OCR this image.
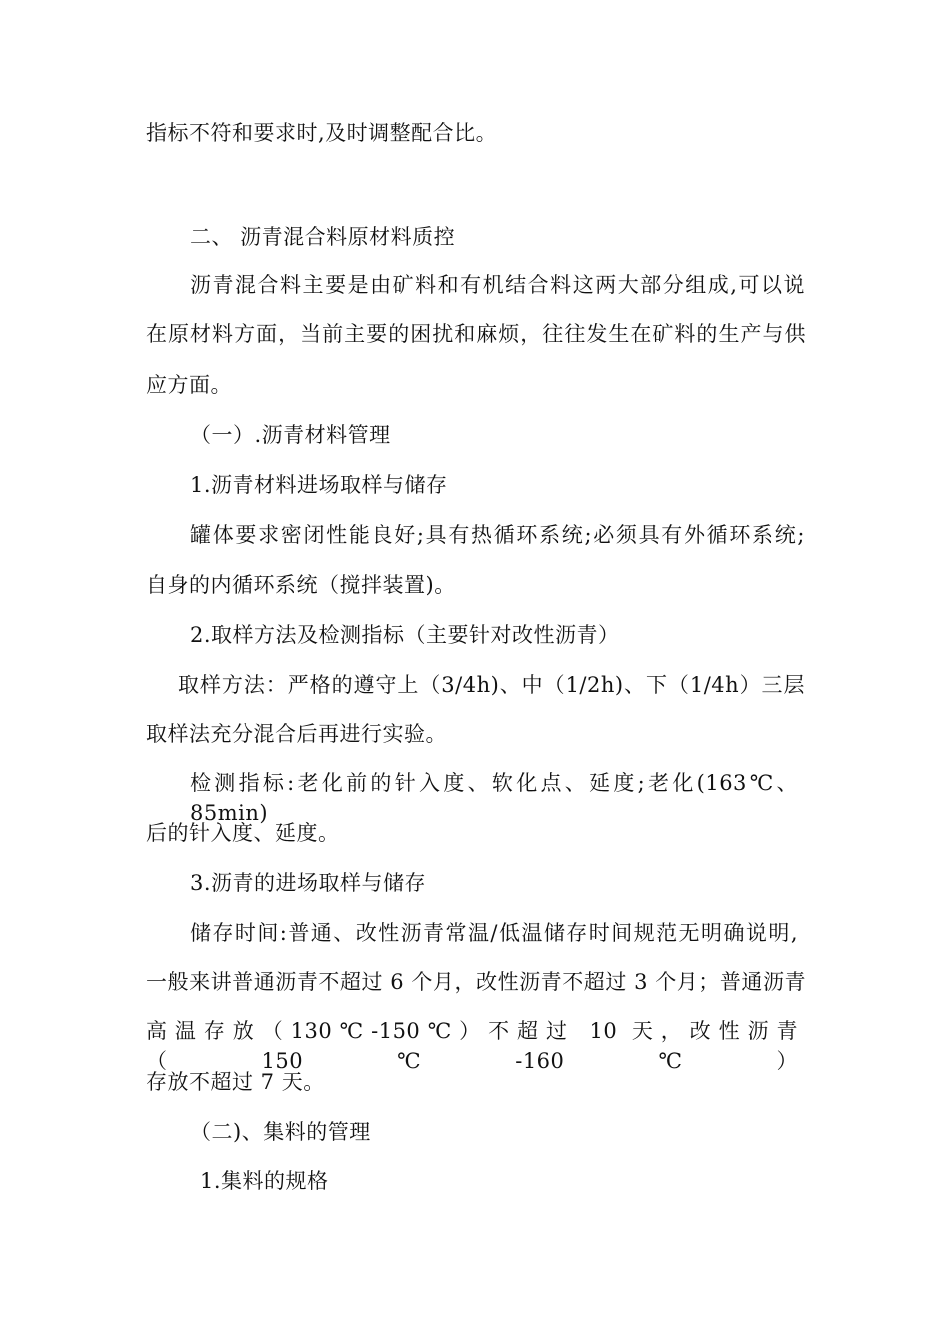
指标不符和要求时,及时调整配合比。
二、 沥青混合料原材料质控
沥青混合料主要是由矿料和有机结合料这两大部分组成,可以说
在原材料方面，当前主要的困扰和麻烦，往往发生在矿料的生产与供
应方面。
（一）.沥青材料管理
1.沥青材料进场取样与储存
罐体要求密闭性能良好;具有热循环系统;必须具有外循环系统;
自身的内循环系统（搅拌装置)。
2.取样方法及检测指标（主要针对改性沥青）
取样方法：严格的遵守上（3/4h)、中（1/2h)、下（1/4h）三层
取样法充分混合后再进行实验。
检测指标:老化前的针入度、软化点、延度;老化(163℃、85min)
后的针入度、延度。
3.沥青的进场取样与储存
储存时间:普通、改性沥青常温/低温储存时间规范无明确说明,
一般来讲普通沥青不超过 6 个月，改性沥青不超过 3 个月；普通沥青
高温存放（130℃-150℃）不超过 10 天，改性沥青（150℃-160℃）
存放不超过 7 天。
（二)、集料的管理
1.集料的规格
